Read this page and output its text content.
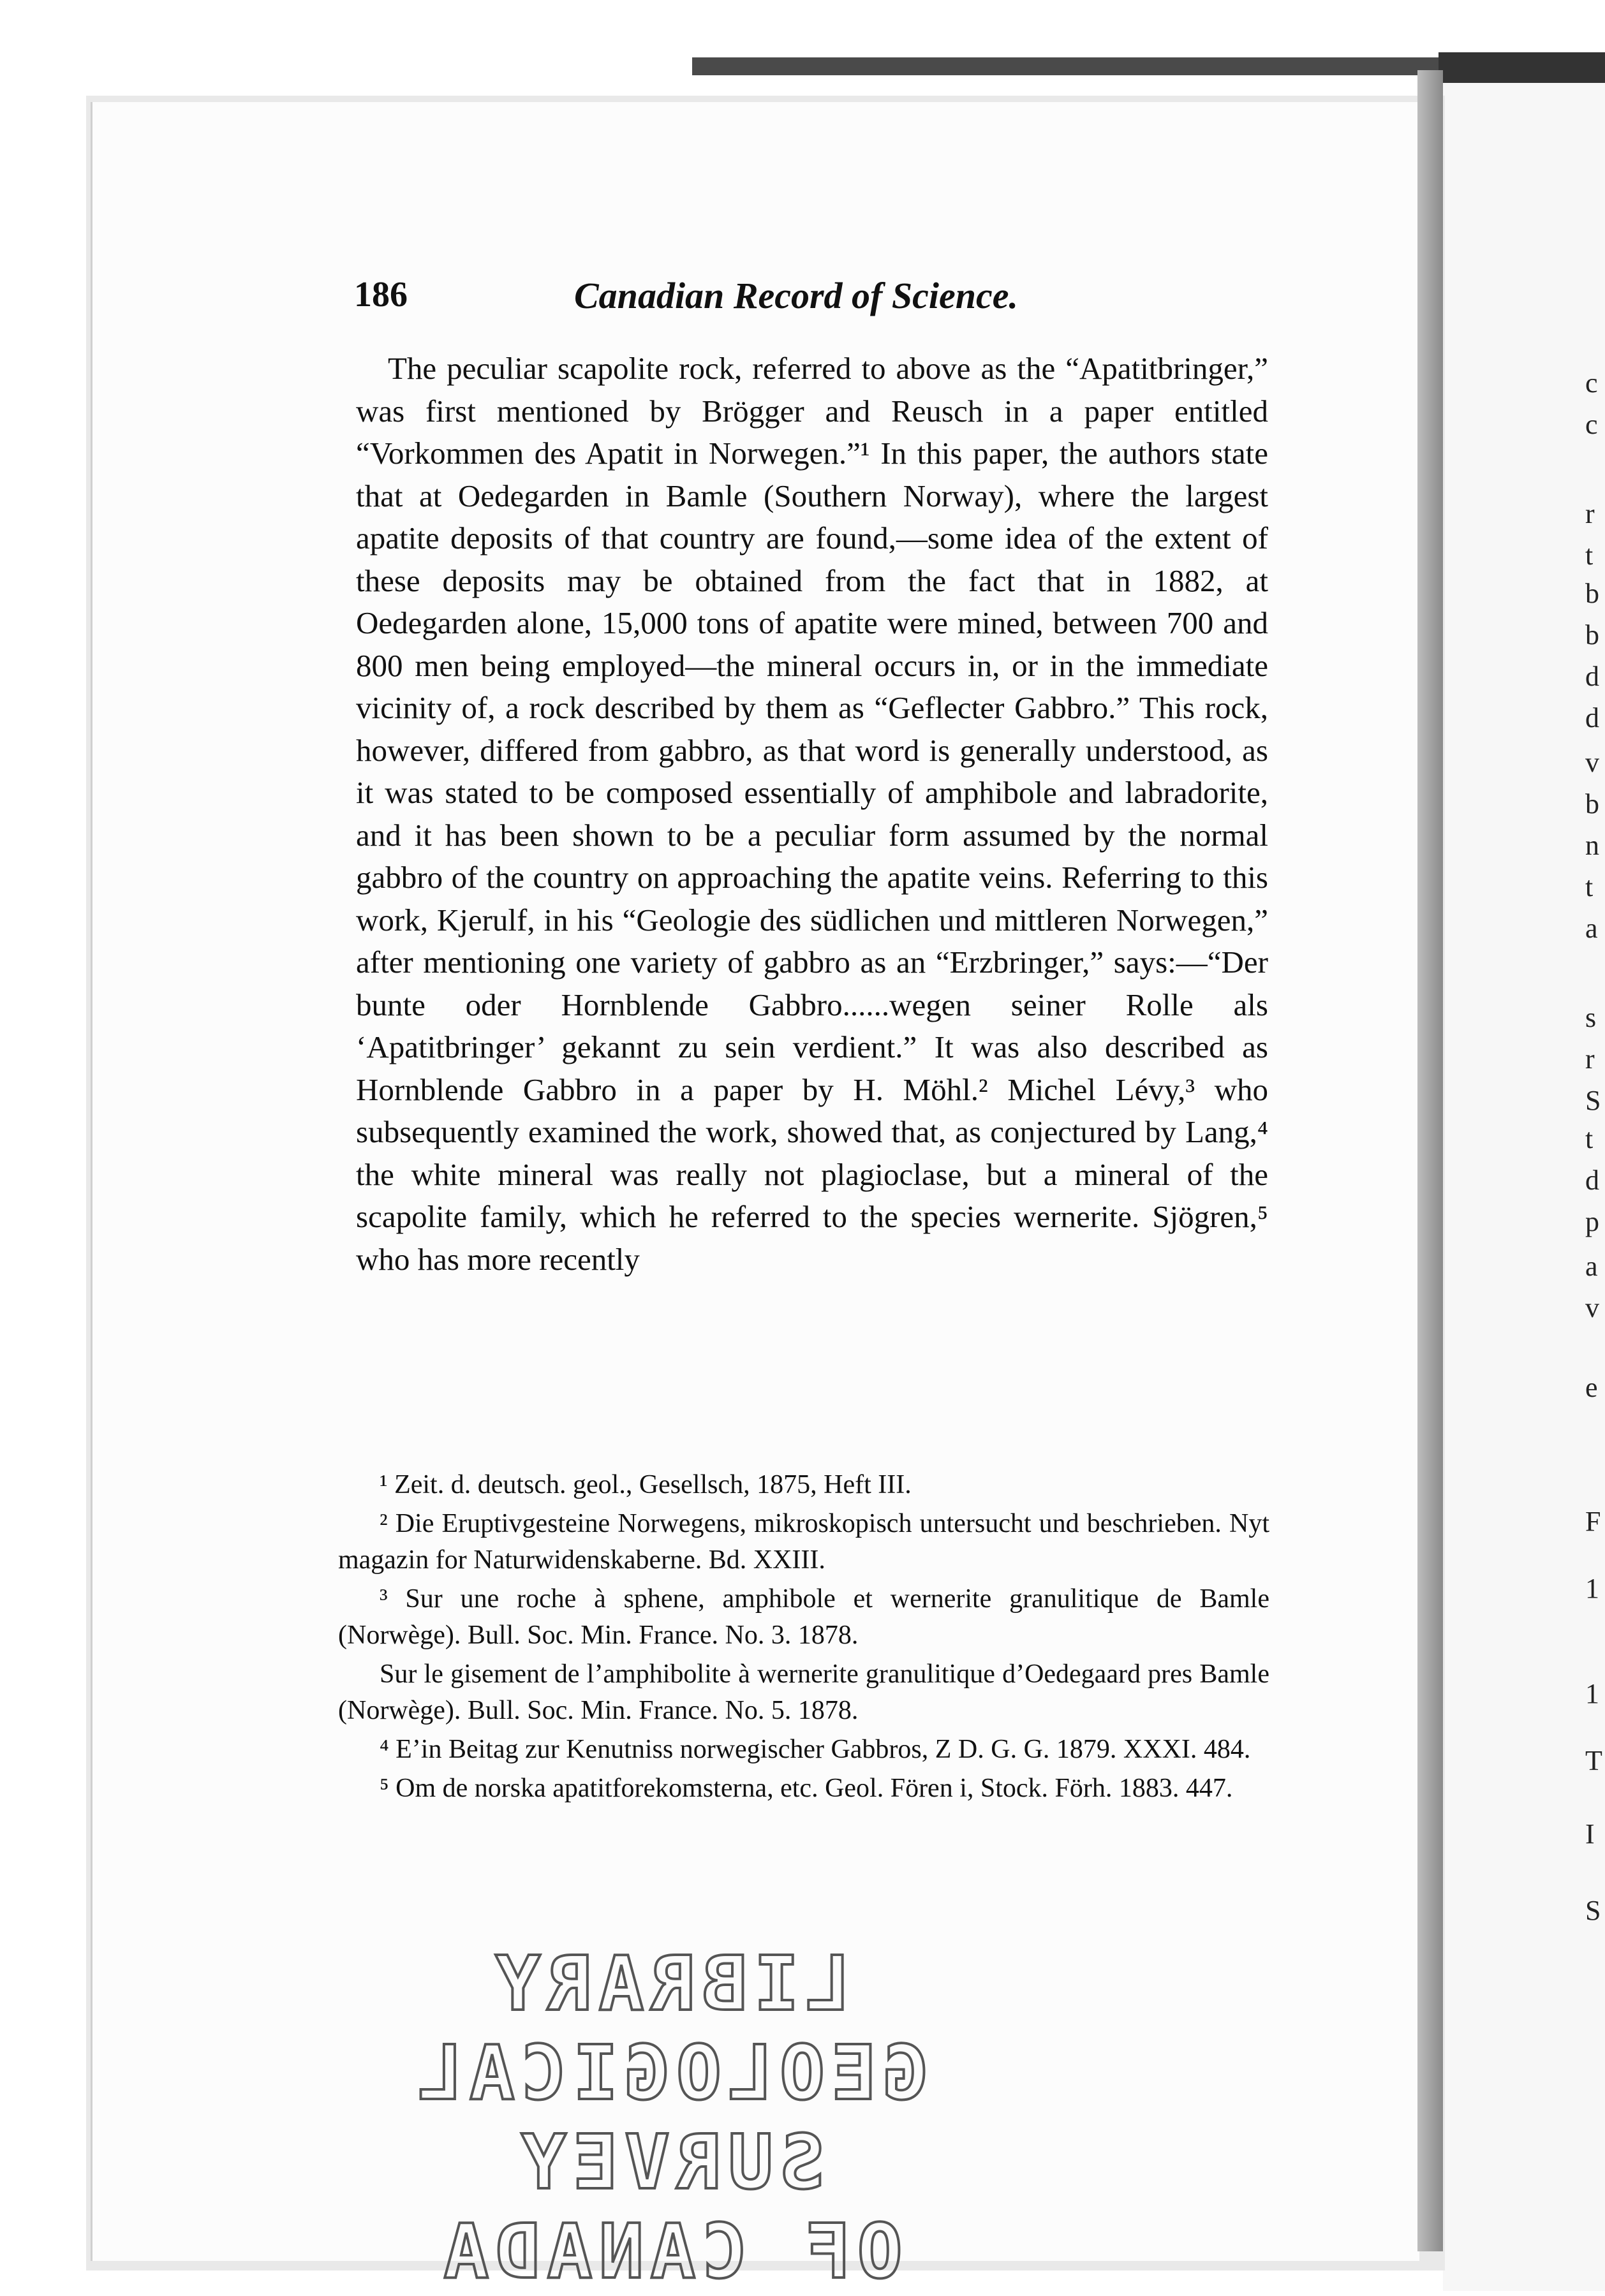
186	Canadian Record of Science.

The peculiar scapolite rock, referred to above as the “Apatitbringer,” was first mentioned by Brögger and Reusch in a paper entitled “Vorkommen des Apatit in Norwegen.”¹ In this paper, the authors state that at Oedegarden in Bamle (Southern Norway), where the largest apatite deposits of that country are found,—some idea of the extent of these deposits may be obtained from the fact that in 1882, at Oedegarden alone, 15,000 tons of apatite were mined, between 700 and 800 men being employed—the mineral occurs in, or in the immediate vicinity of, a rock described by them as “Geflecter Gabbro.” This rock, however, differed from gabbro, as that word is generally understood, as it was stated to be composed essentially of amphibole and labradorite, and it has been shown to be a peculiar form assumed by the normal gabbro of the country on approaching the apatite veins. Referring to this work, Kjerulf, in his “Geologie des südlichen und mittleren Norwegen,” after mentioning one variety of gabbro as an “Erzbringer,” says:—“Der bunte oder Hornblende Gabbro......wegen seiner Rolle als ‘Apatitbringer’ gekannt zu sein verdient.” It was also described as Hornblende Gabbro in a paper by H. Möhl.² Michel Lévy,³ who subsequently examined the work, showed that, as conjectured by Lang,⁴ the white mineral was really not plagioclase, but a mineral of the scapolite family, which he referred to the species wernerite. Sjögren,⁵ who has more recently

¹ Zeit. d. deutsch. geol., Gesellsch, 1875, Heft III.

² Die Eruptivgesteine Norwegens, mikroskopisch untersucht und beschrieben. Nyt magazin for Naturwidenskaberne. Bd. XXIII.

³ Sur une roche à sphene, amphibole et wernerite granulitique de Bamle (Norwège). Bull. Soc. Min. France. No. 3. 1878.

Sur le gisement de l’amphibolite à wernerite granulitique d’Oedegaard pres Bamle (Norwège). Bull. Soc. Min. France. No. 5. 1878.

⁴ E’in Beitag zur Kenutniss norwegischer Gabbros, Z D. G. G. 1879. XXXI. 484.

⁵ Om de norska apatitforekomsterna, etc. Geol. Fören i, Stock. Förh. 1883. 447.

LIBRARY
GEOLOGICAL SURVEY
OF CANADA
c
c
r
t
b
b
d
d
v
b
n
t
a
s
r
S
t
d
p
a
v
e
F
1
1
T
I
S
